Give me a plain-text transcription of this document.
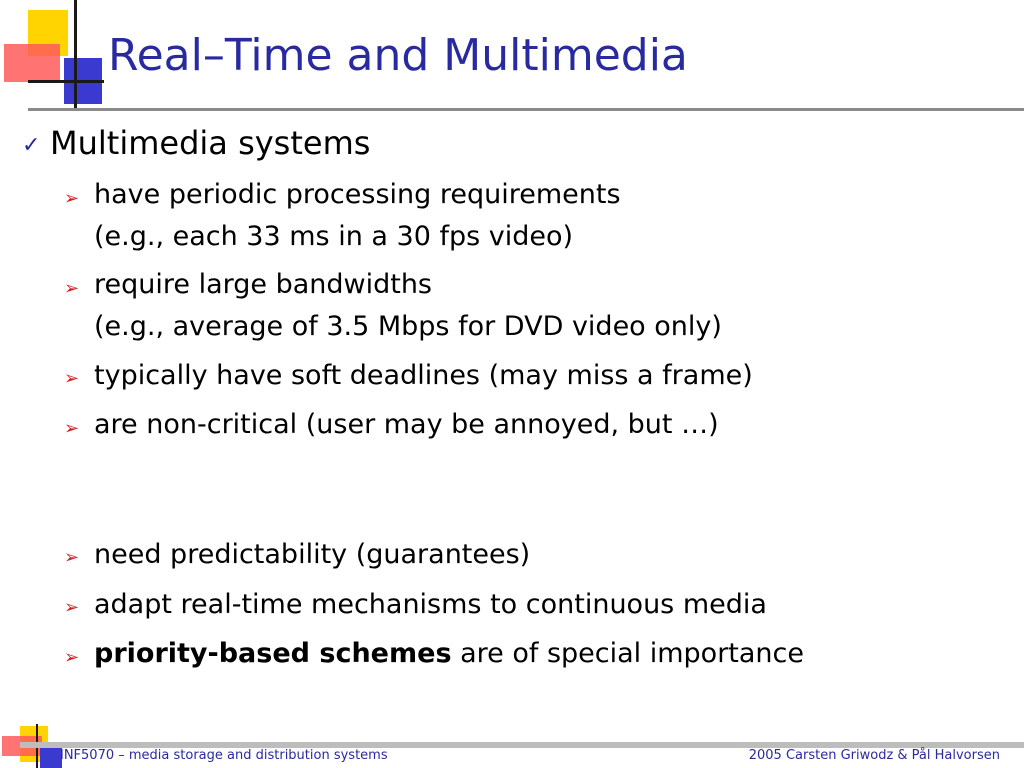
Real–Time and Multimedia
✓ Multimedia systems
➢ have periodic processing requirements
(e.g., each 33 ms in a 30 fps video)
➢ require large bandwidths
(e.g., average of 3.5 Mbps for DVD video only)
➢ typically have soft deadlines (may miss a frame)
➢ are non-critical (user may be annoyed, but …)
➢ need predictability (guarantees)
➢ adapt real-time mechanisms to continuous media
➢ priority-based schemes are of special importance
INF5070 – media storage and distribution systems	2005 Carsten Griwodz & Pål Halvorsen
